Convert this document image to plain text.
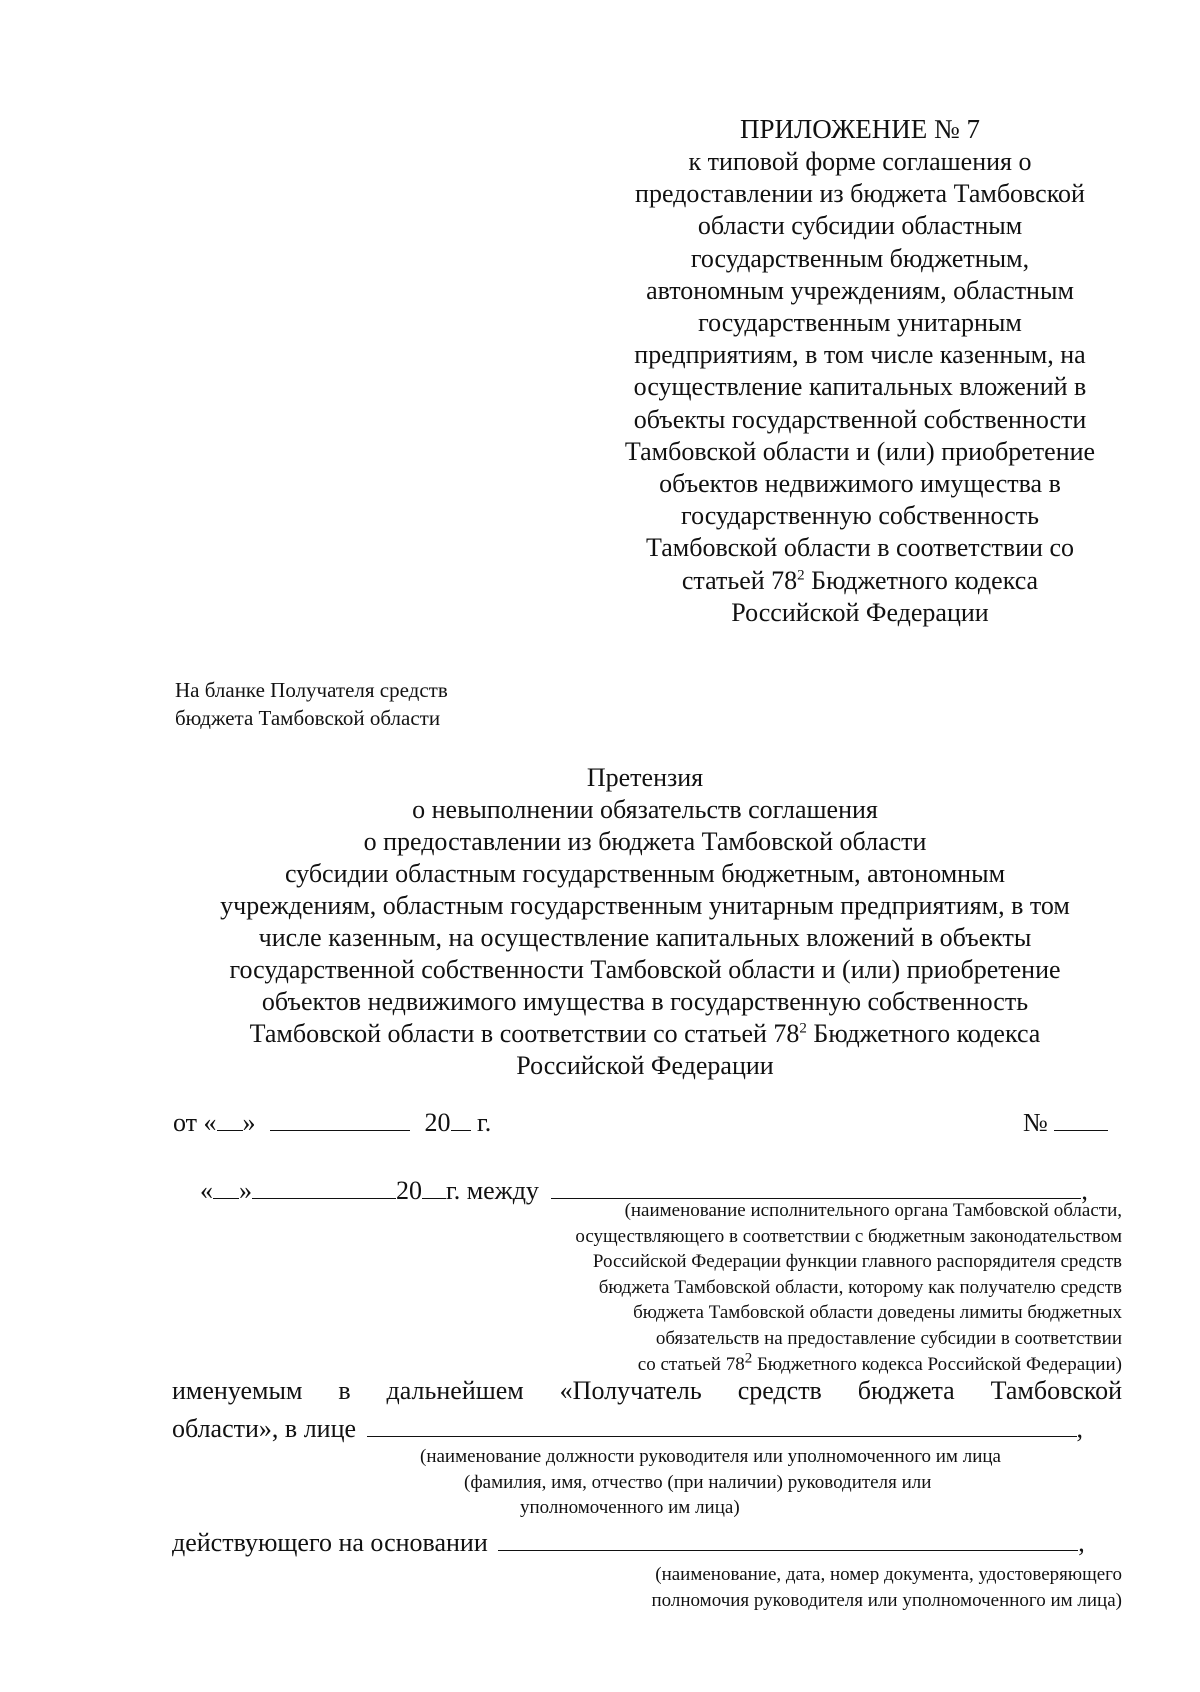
ПРИЛОЖЕНИЕ № 7
к типовой форме соглашения о
предоставлении из бюджета Тамбовской
области субсидии областным
государственным бюджетным,
автономным учреждениям, областным
государственным унитарным
предприятиям, в том числе казенным, на
осуществление капитальных вложений в
объекты государственной собственности
Тамбовской области и (или) приобретение
объектов недвижимого имущества в
государственную собственность
Тамбовской области в соответствии со
статьей $78^2$ Бюджетного кодекса
Российской Федерации
На бланке Получателя средств
бюджета Тамбовской области
Претензия
о невыполнении обязательств соглашения
о предоставлении из бюджета Тамбовской области
субсидии областным государственным бюджетным, автономным
учреждениям, областным государственным унитарным предприятиям, в том
числе казенным, на осуществление капитальных вложений в объекты
государственной собственности Тамбовской области и (или) приобретение
объектов недвижимого имущества в государственную собственность
Тамбовской области в соответствии со статьей $78^2$ Бюджетного кодекса
Российской Федерации
от « »	20 г.	№
« »	20 г. между	,
(наименование исполнительного органа Тамбовской области,
осуществляющего в соответствии с бюджетным законодательством
Российской Федерации функции главного распорядителя средств
бюджета Тамбовской области, которому как получателю средств
бюджета Тамбовской области доведены лимиты бюджетных
обязательств на предоставление субсидии в соответствии
со статьей $78^2$ Бюджетного кодекса Российской Федерации)
именуемым в дальнейшем «Получатель средств бюджета Тамбовской
области», в лице	,
(наименование должности руководителя или уполномоченного им лица
(фамилия, имя, отчество (при наличии) руководителя или
уполномоченного им лица)
действующего на основании	,
(наименование, дата, номер документа, удостоверяющего
полномочия руководителя или уполномоченного им лица)
